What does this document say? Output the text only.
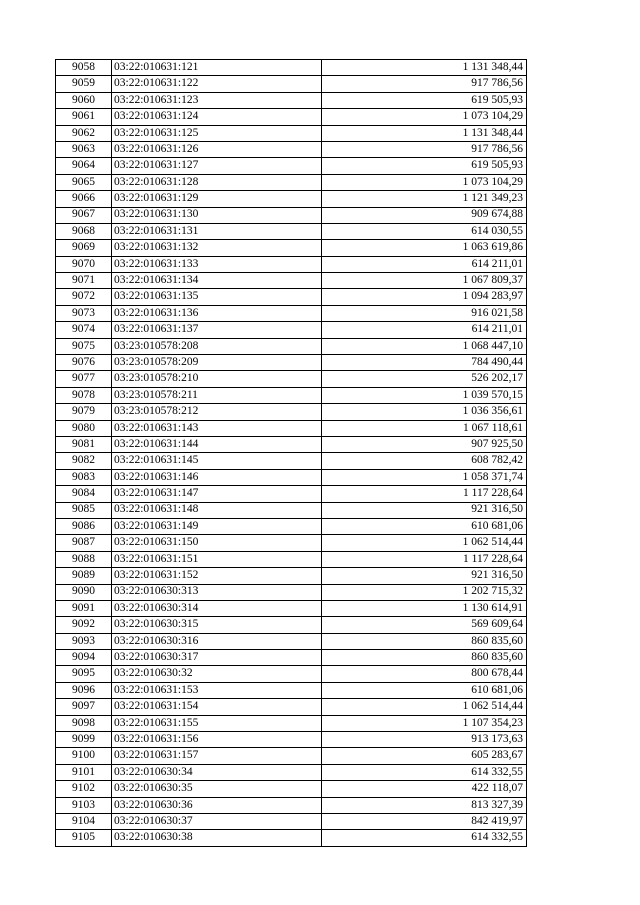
9058	03:22:010631:121	1 131 348,44
9059	03:22:010631:122	917 786,56
9060	03:22:010631:123	619 505,93
9061	03:22:010631:124	1 073 104,29
9062	03:22:010631:125	1 131 348,44
9063	03:22:010631:126	917 786,56
9064	03:22:010631:127	619 505,93
9065	03:22:010631:128	1 073 104,29
9066	03:22:010631:129	1 121 349,23
9067	03:22:010631:130	909 674,88
9068	03:22:010631:131	614 030,55
9069	03:22:010631:132	1 063 619,86
9070	03:22:010631:133	614 211,01
9071	03:22:010631:134	1 067 809,37
9072	03:22:010631:135	1 094 283,97
9073	03:22:010631:136	916 021,58
9074	03:22:010631:137	614 211,01
9075	03:23:010578:208	1 068 447,10
9076	03:23:010578:209	784 490,44
9077	03:23:010578:210	526 202,17
9078	03:23:010578:211	1 039 570,15
9079	03:23:010578:212	1 036 356,61
9080	03:22:010631:143	1 067 118,61
9081	03:22:010631:144	907 925,50
9082	03:22:010631:145	608 782,42
9083	03:22:010631:146	1 058 371,74
9084	03:22:010631:147	1 117 228,64
9085	03:22:010631:148	921 316,50
9086	03:22:010631:149	610 681,06
9087	03:22:010631:150	1 062 514,44
9088	03:22:010631:151	1 117 228,64
9089	03:22:010631:152	921 316,50
9090	03:22:010630:313	1 202 715,32
9091	03:22:010630:314	1 130 614,91
9092	03:22:010630:315	569 609,64
9093	03:22:010630:316	860 835,60
9094	03:22:010630:317	860 835,60
9095	03:22:010630:32	800 678,44
9096	03:22:010631:153	610 681,06
9097	03:22:010631:154	1 062 514,44
9098	03:22:010631:155	1 107 354,23
9099	03:22:010631:156	913 173,63
9100	03:22:010631:157	605 283,67
9101	03:22:010630:34	614 332,55
9102	03:22:010630:35	422 118,07
9103	03:22:010630:36	813 327,39
9104	03:22:010630:37	842 419,97
9105	03:22:010630:38	614 332,55
